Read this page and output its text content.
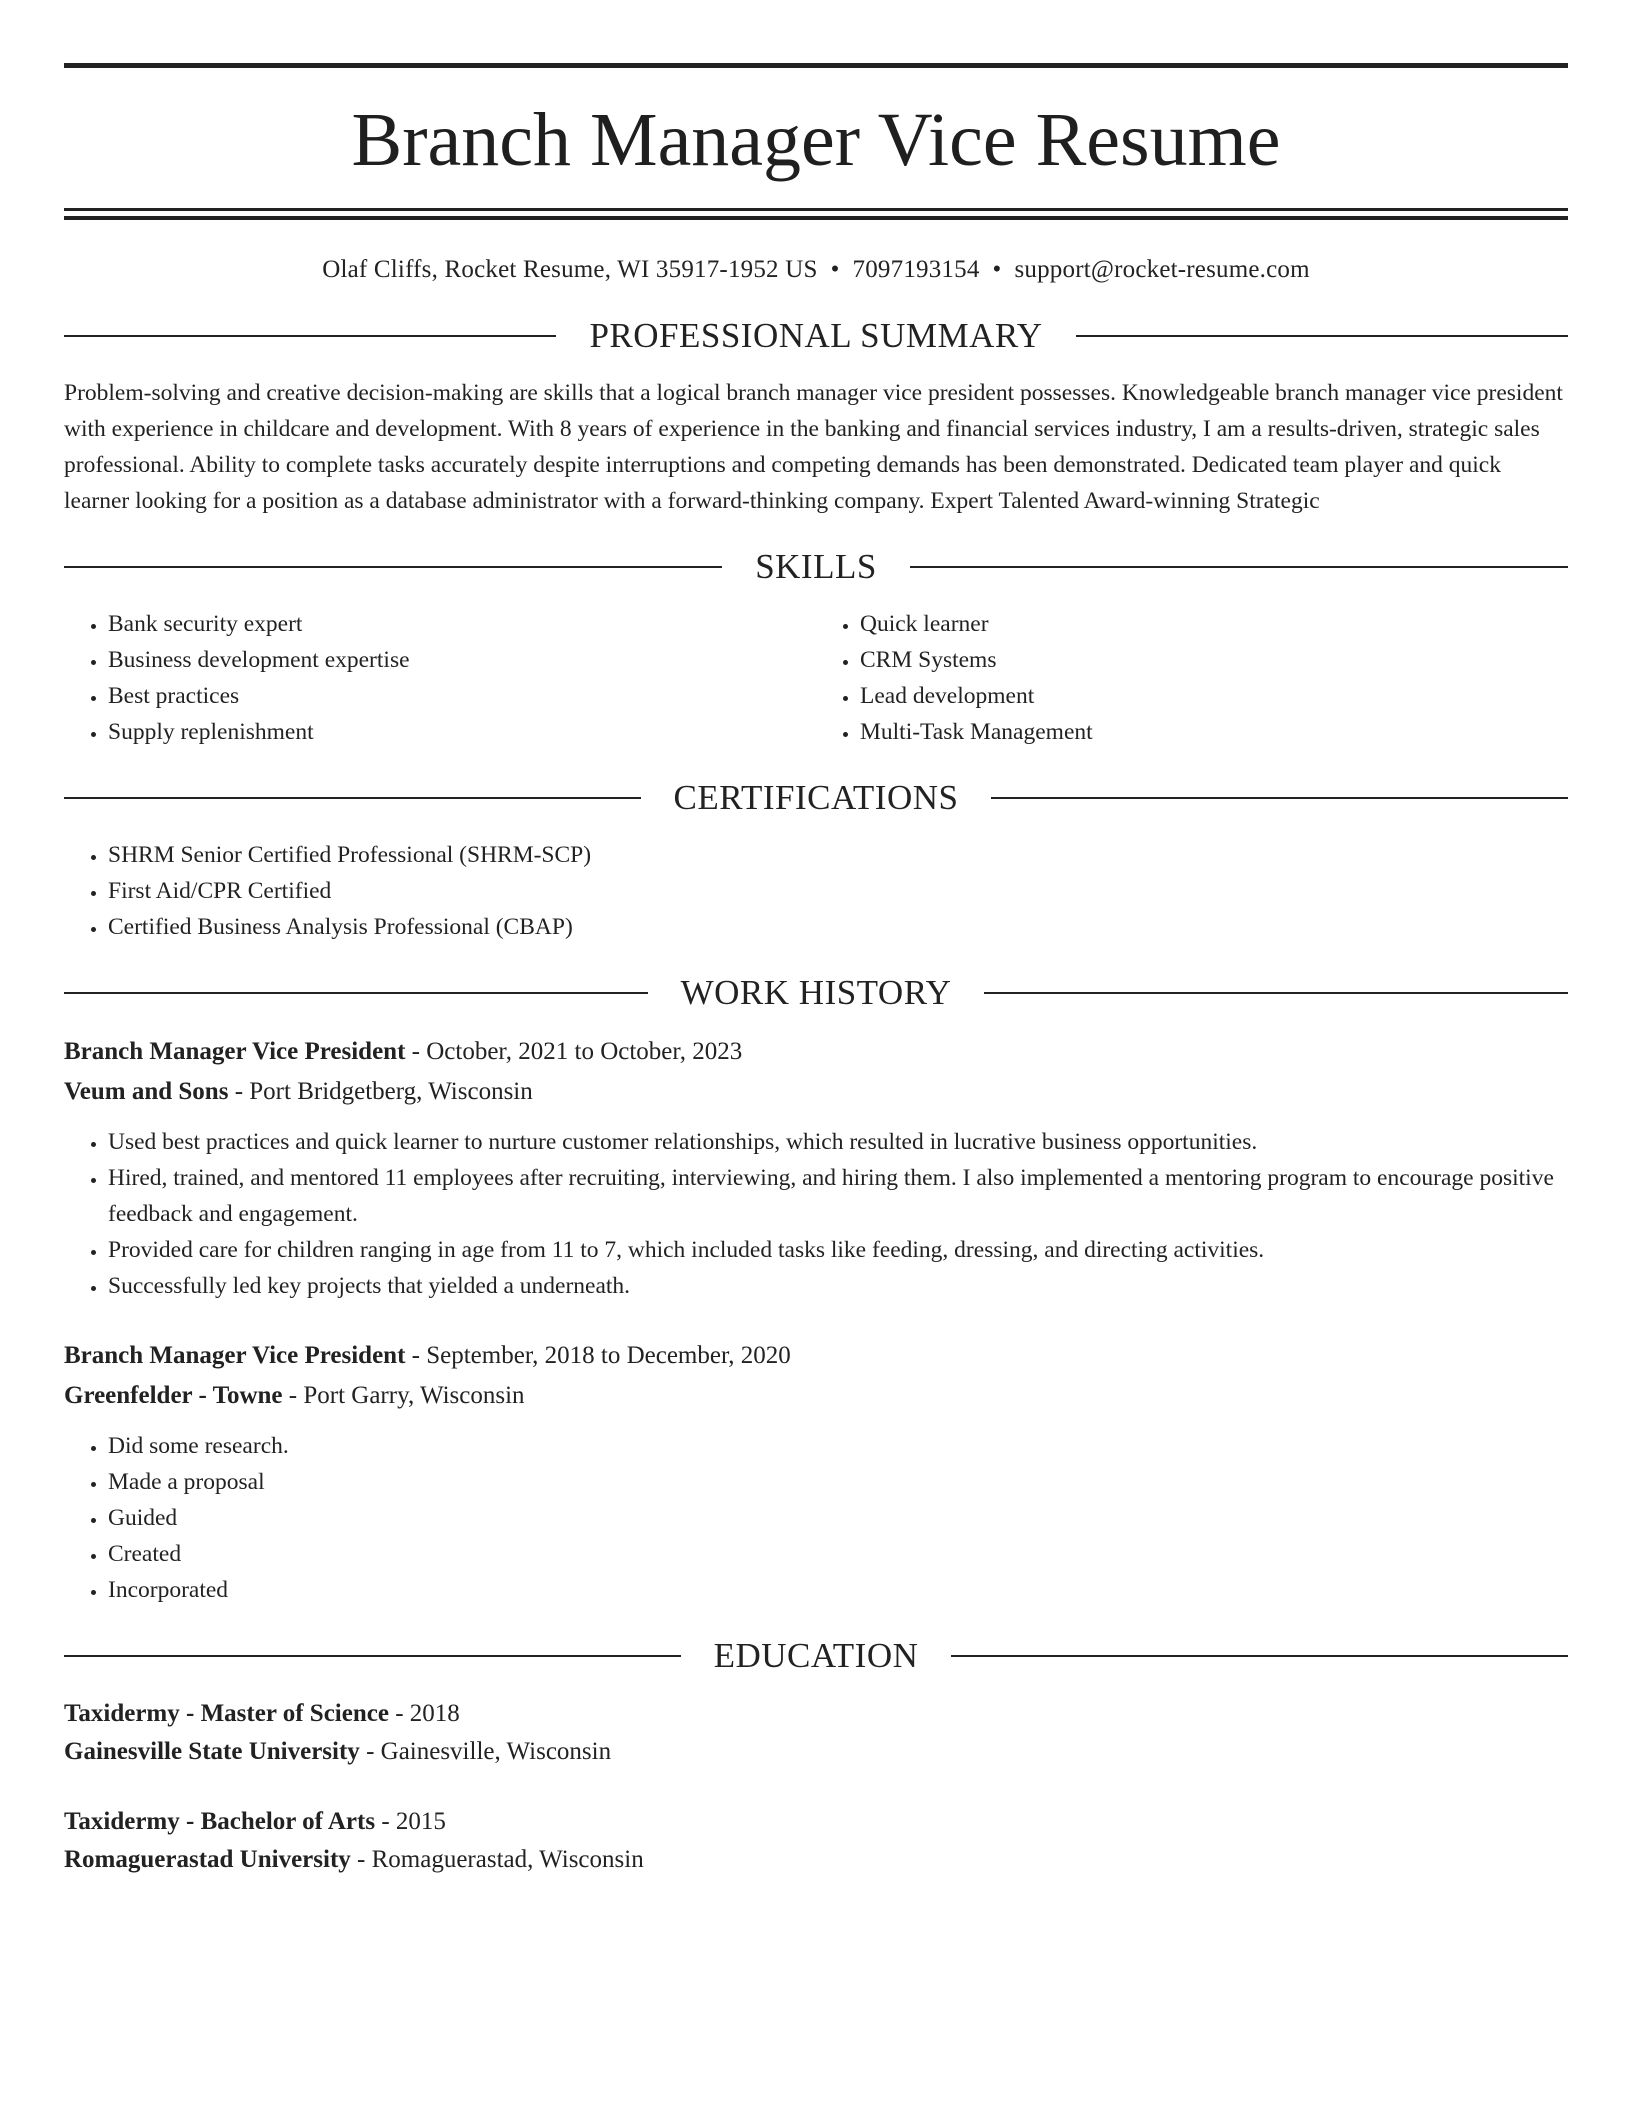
Branch Manager Vice Resume
Olaf Cliffs, Rocket Resume, WI 35917-1952 US • 7097193154 • support@rocket-resume.com
PROFESSIONAL SUMMARY

Problem-solving and creative decision-making are skills that a logical branch manager vice president possesses. Knowledgeable branch manager vice president with experience in childcare and development. With 8 years of experience in the banking and financial services industry, I am a results-driven, strategic sales professional. Ability to complete tasks accurately despite interruptions and competing demands has been demonstrated. Dedicated team player and quick learner looking for a position as a database administrator with a forward-thinking company. Expert Talented Award-winning Strategic

SKILLS
• Bank security expert
• Business development expertise
• Best practices
• Supply replenishment
• Quick learner
• CRM Systems
• Lead development
• Multi-Task Management
CERTIFICATIONS
• SHRM Senior Certified Professional (SHRM-SCP)
• First Aid/CPR Certified
• Certified Business Analysis Professional (CBAP)
WORK HISTORY
Branch Manager Vice President - October, 2021 to October, 2023
Veum and Sons - Port Bridgetberg, Wisconsin
• Used best practices and quick learner to nurture customer relationships, which resulted in lucrative business opportunities.
• Hired, trained, and mentored 11 employees after recruiting, interviewing, and hiring them. I also implemented a mentoring program to encourage positive feedback and engagement.
• Provided care for children ranging in age from 11 to 7, which included tasks like feeding, dressing, and directing activities.
• Successfully led key projects that yielded a underneath.
Branch Manager Vice President - September, 2018 to December, 2020
Greenfelder - Towne - Port Garry, Wisconsin
• Did some research.
• Made a proposal
• Guided
• Created
• Incorporated
EDUCATION
Taxidermy - Master of Science - 2018
Gainesville State University - Gainesville, Wisconsin
Taxidermy - Bachelor of Arts - 2015
Romaguerastad University - Romaguerastad, Wisconsin
